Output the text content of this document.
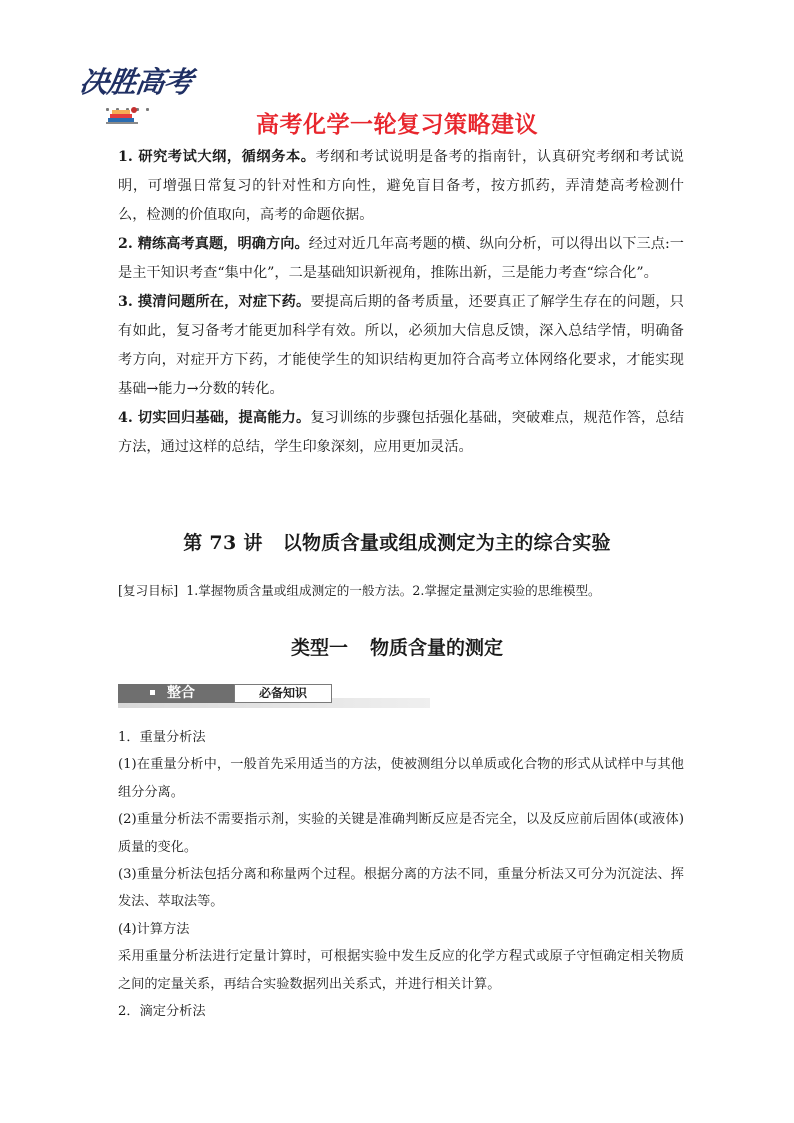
决胜高考
高考化学一轮复习策略建议

1. 研究考试大纲，循纲务本。考纲和考试说明是备考的指南针，认真研究考纲和考试说明，可增强日常复习的针对性和方向性，避免盲目备考，按方抓药，弄清楚高考检测什么，检测的价值取向，高考的命题依据。

2. 精练高考真题，明确方向。经过对近几年高考题的横、纵向分析，可以得出以下三点:一是主干知识考查“集中化”，二是基础知识新视角，推陈出新，三是能力考查“综合化”。

3. 摸清问题所在，对症下药。要提高后期的备考质量，还要真正了解学生存在的问题，只有如此，复习备考才能更加科学有效。所以，必须加大信息反馈，深入总结学情，明确备考方向，对症开方下药，才能使学生的知识结构更加符合高考立体网络化要求，才能实现基础→能力→分数的转化。

4. 切实回归基础，提高能力。复习训练的步骤包括强化基础，突破难点，规范作答，总结方法，通过这样的总结，学生印象深刻，应用更加灵活。

第 73 讲 以物质含量或组成测定为主的综合实验
[复习目标] 1.掌握物质含量或组成测定的一般方法。2.掌握定量测定实验的思维模型。
类型一 物质含量的测定
整合	必备知识

1．重量分析法

(1)在重量分析中，一般首先采用适当的方法，使被测组分以单质或化合物的形式从试样中与其他组分分离。

(2)重量分析法不需要指示剂，实验的关键是准确判断反应是否完全，以及反应前后固体(或液体)质量的变化。

(3)重量分析法包括分离和称量两个过程。根据分离的方法不同，重量分析法又可分为沉淀法、挥发法、萃取法等。

(4)计算方法

采用重量分析法进行定量计算时，可根据实验中发生反应的化学方程式或原子守恒确定相关物质之间的定量关系，再结合实验数据列出关系式，并进行相关计算。

2．滴定分析法
